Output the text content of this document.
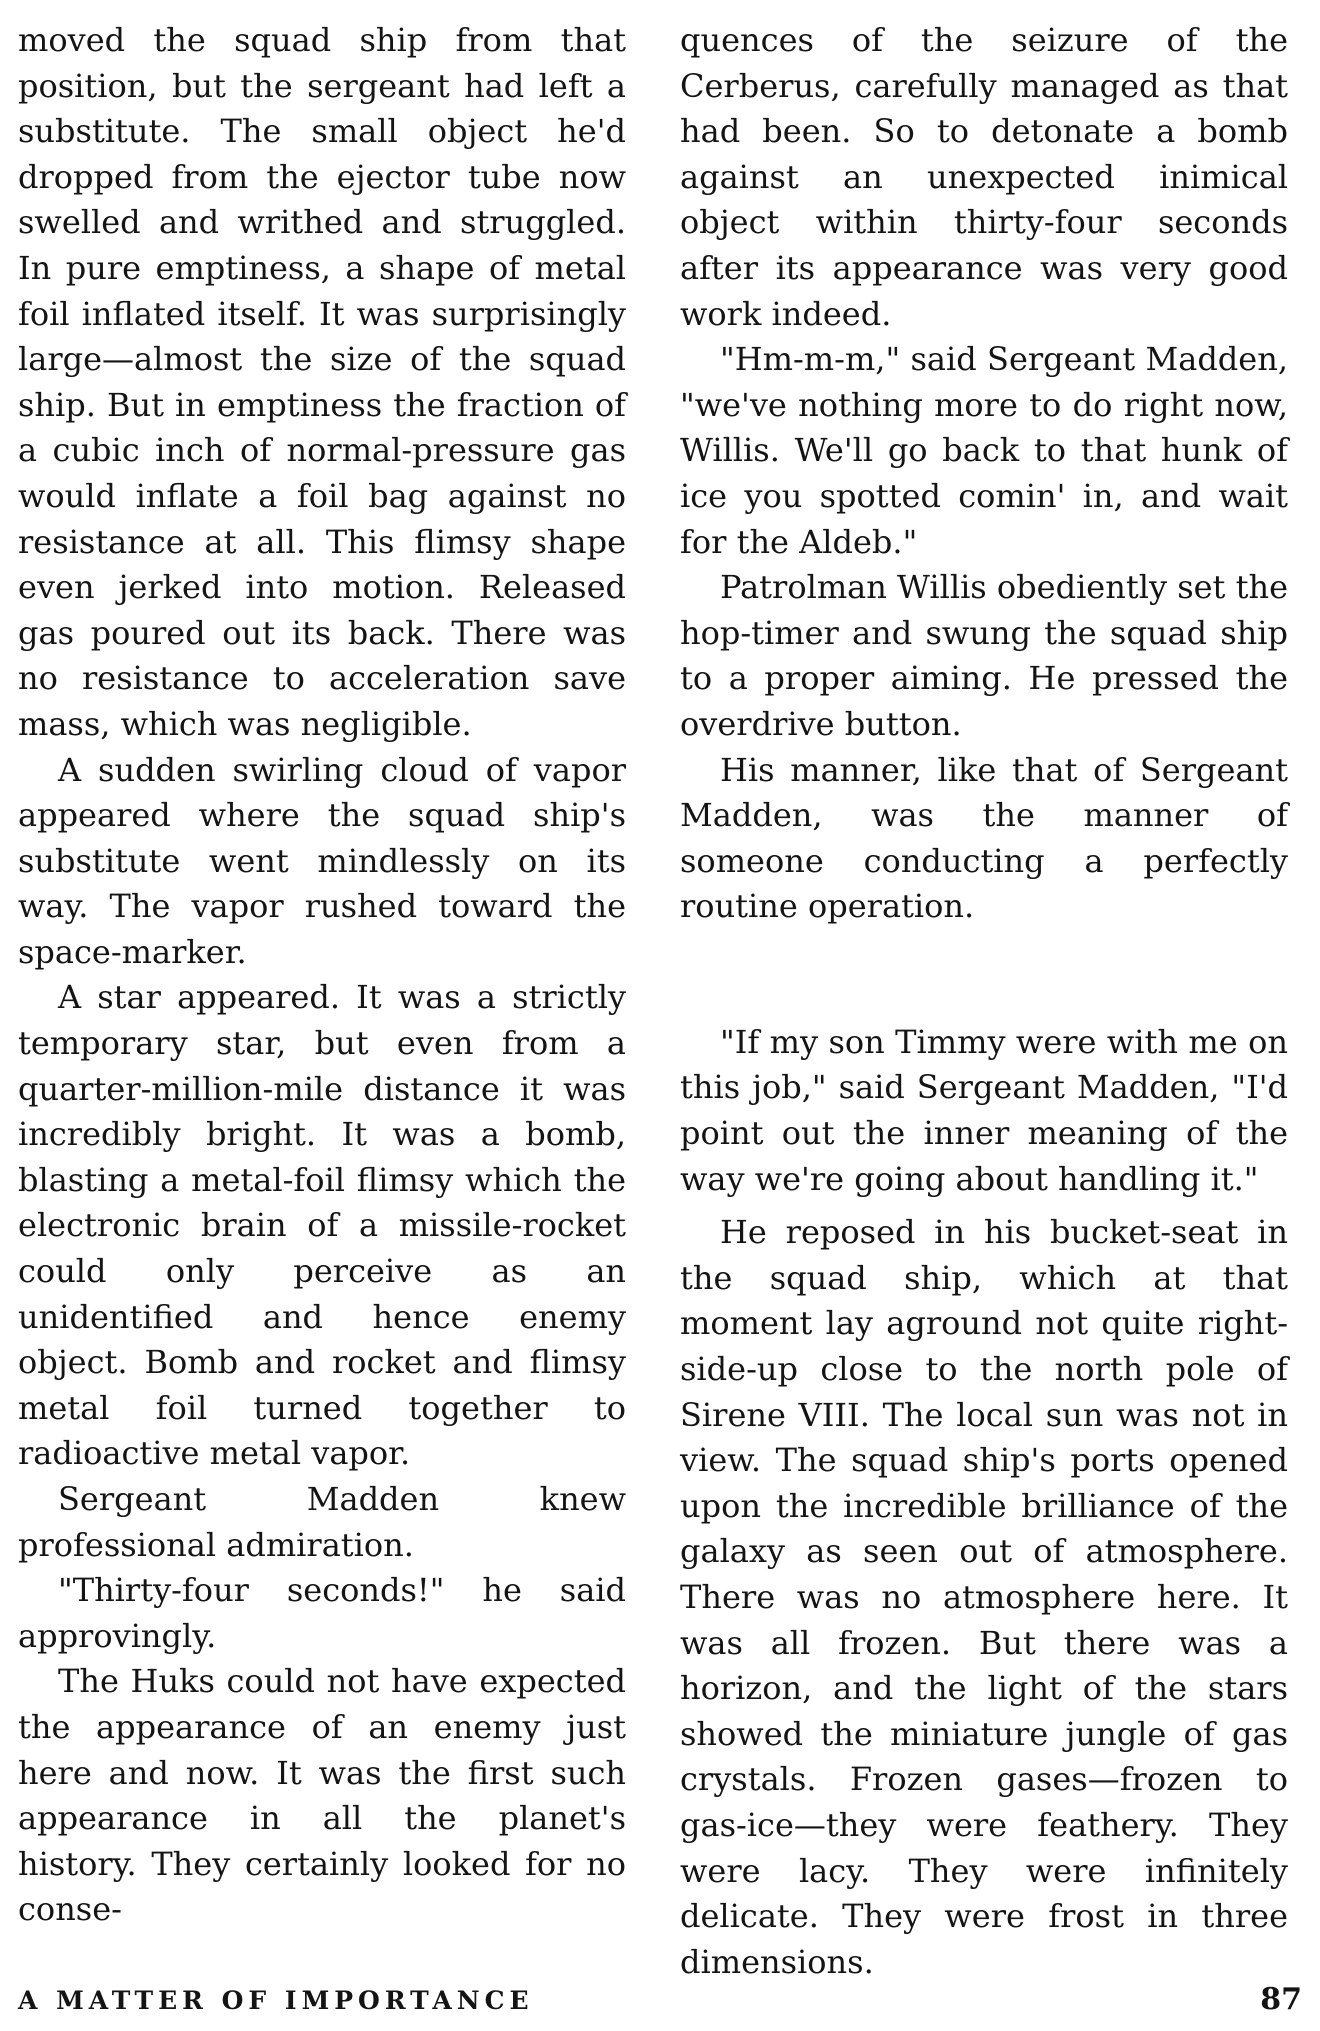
moved the squad ship from that position, but the sergeant had left a substitute. The small object he'd dropped from the ejector tube now swelled and writhed and struggled. In pure emptiness, a shape of metal foil inflated itself. It was surprisingly large—almost the size of the squad ship. But in emptiness the fraction of a cubic inch of normal-pressure gas would inflate a foil bag against no resistance at all. This flimsy shape even jerked into motion. Released gas poured out its back. There was no resistance to acceleration save mass, which was negligible.

A sudden swirling cloud of vapor appeared where the squad ship's substitute went mindlessly on its way. The vapor rushed toward the space-marker.

A star appeared. It was a strictly temporary star, but even from a quarter-million-mile distance it was incredibly bright. It was a bomb, blasting a metal-foil flimsy which the electronic brain of a missile-rocket could only perceive as an unidentified and hence enemy object. Bomb and rocket and flimsy metal foil turned together to radioactive metal vapor.

Sergeant Madden knew professional admiration.

"Thirty-four seconds!" he said approvingly.

The Huks could not have expected the appearance of an enemy just here and now. It was the first such appearance in all the planet's history. They certainly looked for no conse-

quences of the seizure of the Cerberus, carefully managed as that had been. So to detonate a bomb against an unexpected inimical object within thirty-four seconds after its appearance was very good work indeed.

"Hm-m-m," said Sergeant Madden, "we've nothing more to do right now, Willis. We'll go back to that hunk of ice you spotted comin' in, and wait for the Aldeb."

Patrolman Willis obediently set the hop-timer and swung the squad ship to a proper aiming. He pressed the overdrive button.

His manner, like that of Sergeant Madden, was the manner of someone conducting a perfectly routine operation.

"If my son Timmy were with me on this job," said Sergeant Madden, "I'd point out the inner meaning of the way we're going about handling it."

He reposed in his bucket-seat in the squad ship, which at that moment lay aground not quite right-side-up close to the north pole of Sirene VIII. The local sun was not in view. The squad ship's ports opened upon the incredible brilliance of the galaxy as seen out of atmosphere. There was no atmosphere here. It was all frozen. But there was a horizon, and the light of the stars showed the miniature jungle of gas crystals. Frozen gases—frozen to gas-ice—they were feathery. They were lacy. They were infinitely delicate. They were frost in three dimensions.

A MATTER OF IMPORTANCE	87
